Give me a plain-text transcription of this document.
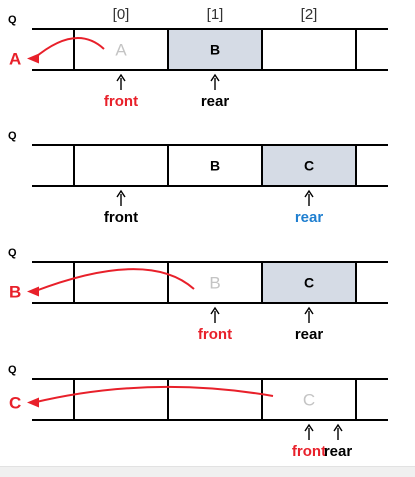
[0]	[1]	[2]
Q
A	B
A
front	rear
Q
B	C
front	rear
Q
B	C
B
front	rear
Q
C
C
front
rear
